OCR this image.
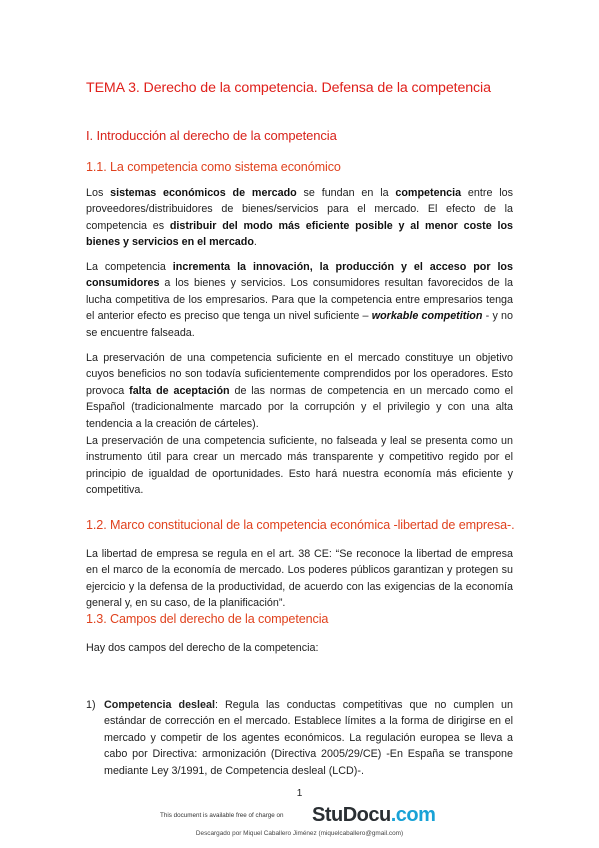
TEMA 3. Derecho de la competencia. Defensa de la competencia
I. Introducción al derecho de la competencia
1.1. La competencia como sistema económico
Los sistemas económicos de mercado se fundan en la competencia entre los proveedores/distribuidores de bienes/servicios para el mercado. El efecto de la competencia es distribuir del modo más eficiente posible y al menor coste los bienes y servicios en el mercado.
La competencia incrementa la innovación, la producción y el acceso por los consumidores a los bienes y servicios. Los consumidores resultan favorecidos de la lucha competitiva de los empresarios. Para que la competencia entre empresarios tenga el anterior efecto es preciso que tenga un nivel suficiente – workable competition - y no se encuentre falseada.
La preservación de una competencia suficiente en el mercado constituye un objetivo cuyos beneficios no son todavía suficientemente comprendidos por los operadores. Esto provoca falta de aceptación de las normas de competencia en un mercado como el Español (tradicionalmente marcado por la corrupción y el privilegio y con una alta tendencia a la creación de cárteles).
La preservación de una competencia suficiente, no falseada y leal se presenta como un instrumento útil para crear un mercado más transparente y competitivo regido por el principio de igualdad de oportunidades. Esto hará nuestra economía más eficiente y competitiva.
1.2. Marco constitucional de la competencia económica -libertad de empresa-.
La libertad de empresa se regula en el art. 38 CE: “Se reconoce la libertad de empresa en el marco de la economía de mercado. Los poderes públicos garantizan y protegen su ejercicio y la defensa de la productividad, de acuerdo con las exigencias de la economía general y, en su caso, de la planificación”.
1.3. Campos del derecho de la competencia
Hay dos campos del derecho de la competencia:
1) Competencia desleal: Regula las conductas competitivas que no cumplen un estándar de corrección en el mercado. Establece límites a la forma de dirigirse en el mercado y competir de los agentes económicos. La regulación europea se lleva a cabo por Directiva: armonización (Directiva 2005/29/CE) -En España se transpone mediante Ley 3/1991, de Competencia desleal (LCD)-.
1
This document is available free of charge on StuDocu.com
Descargado por Miquel Caballero Jiménez (miquelcaballero@gmail.com)
